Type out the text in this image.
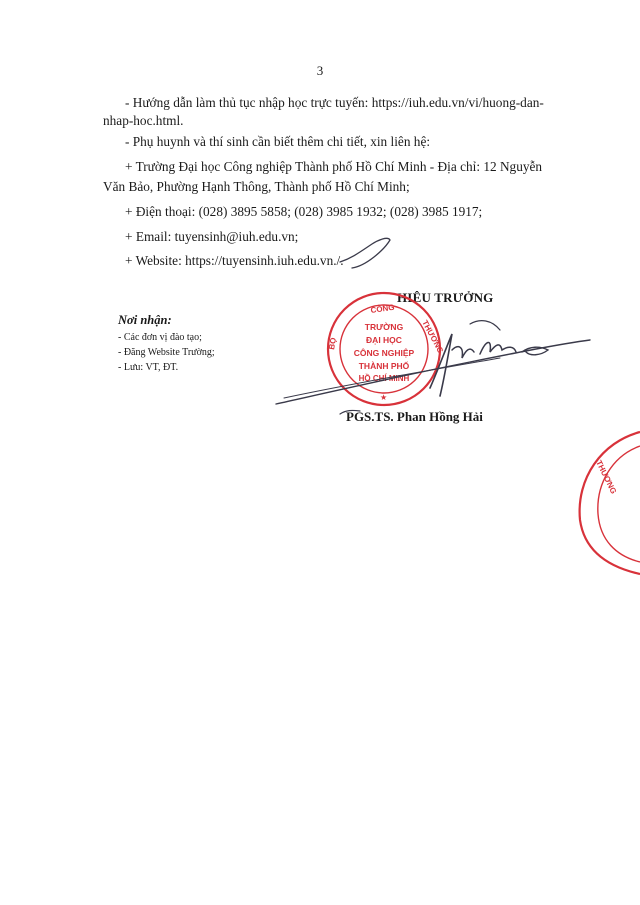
3
- Hướng dẫn làm thủ tục nhập học trực tuyến: https://iuh.edu.vn/vi/huong-dan-
nhap-hoc.html.
- Phụ huynh và thí sinh cần biết thêm chi tiết, xin liên hệ:
+ Trường Đại học Công nghiệp Thành phố Hồ Chí Minh - Địa chỉ: 12 Nguyễn
Văn Bảo, Phường Hạnh Thông, Thành phố Hồ Chí Minh;
+ Điện thoại: (028) 3895 5858; (028) 3985 1932; (028) 3985 1917;
+ Email: tuyensinh@iuh.edu.vn;
+ Website: https://tuyensinh.iuh.edu.vn./.
Nơi nhận:
- Các đơn vị đào tạo;
- Đăng Website Trường;
- Lưu: VT, ĐT.
HIỆU TRƯỞNG
PGS.TS. Phan Hồng Hải
CÔNG
BỘ	THƯƠNG
TRƯỜNG
ĐẠI HỌC
CÔNG NGHIỆP
THÀNH PHỐ
HỒ CHÍ MINH
★
THƯƠNG
